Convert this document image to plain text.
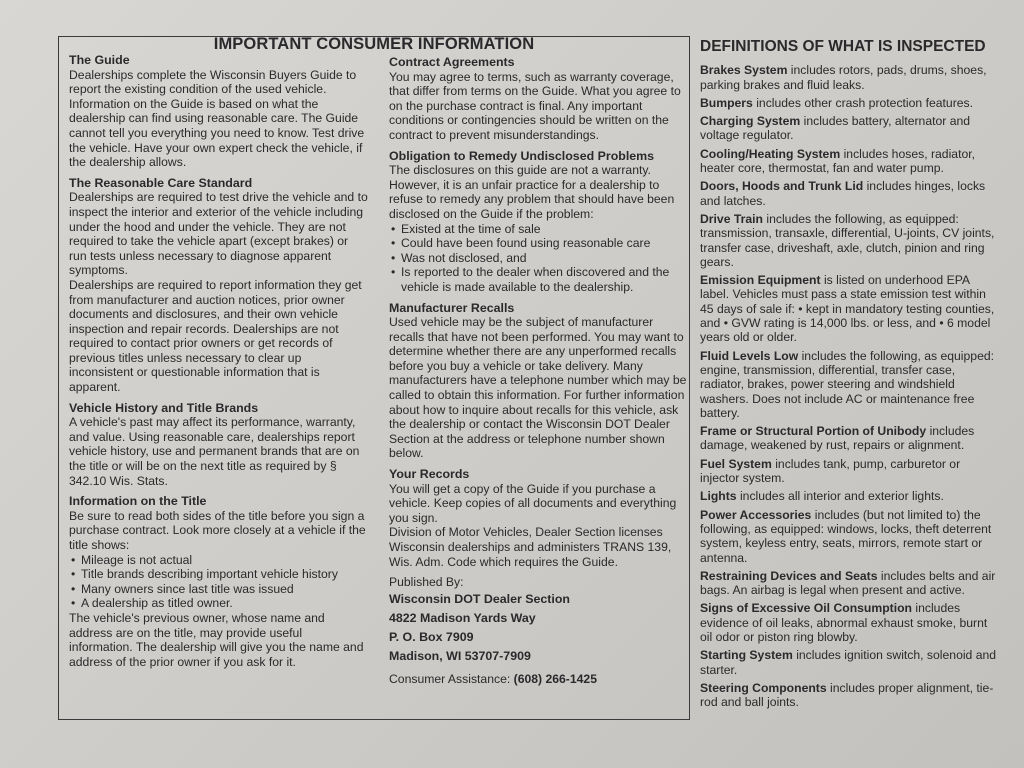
IMPORTANT CONSUMER INFORMATION

The Guide

Dealerships complete the Wisconsin Buyers Guide to report the existing condition of the used vehicle. Information on the Guide is based on what the dealership can find using reasonable care. The Guide cannot tell you everything you need to know. Test drive the vehicle. Have your own expert check the vehicle, if the dealership allows.

The Reasonable Care Standard

Dealerships are required to test drive the vehicle and to inspect the interior and exterior of the vehicle including under the hood and under the vehicle. They are not required to take the vehicle apart (except brakes) or run tests unless necessary to diagnose apparent symptoms.

Dealerships are required to report information they get from manufacturer and auction notices, prior owner documents and disclosures, and their own vehicle inspection and repair records. Dealerships are not required to contact prior owners or get records of previous titles unless necessary to clear up inconsistent or questionable information that is apparent.

Vehicle History and Title Brands

A vehicle's past may affect its performance, warranty, and value. Using reasonable care, dealerships report vehicle history, use and permanent brands that are on the title or will be on the next title as required by § 342.10 Wis. Stats.

Information on the Title

Be sure to read both sides of the title before you sign a purchase contract. Look more closely at a vehicle if the title shows:

• Mileage is not actual
• Title brands describing important vehicle history
• Many owners since last title was issued
• A dealership as titled owner.

The vehicle's previous owner, whose name and address are on the title, may provide useful information. The dealership will give you the name and address of the prior owner if you ask for it.

Contract Agreements

You may agree to terms, such as warranty coverage, that differ from terms on the Guide. What you agree to on the purchase contract is final. Any important conditions or contingencies should be written on the contract to prevent misunderstandings.

Obligation to Remedy Undisclosed Problems

The disclosures on this guide are not a warranty. However, it is an unfair practice for a dealership to refuse to remedy any problem that should have been disclosed on the Guide if the problem:

• Existed at the time of sale
• Could have been found using reasonable care
• Was not disclosed, and
• Is reported to the dealer when discovered and the vehicle is made available to the dealership.

Manufacturer Recalls

Used vehicle may be the subject of manufacturer recalls that have not been performed. You may want to determine whether there are any unperformed recalls before you buy a vehicle or take delivery. Many manufacturers have a telephone number which may be called to obtain this information. For further information about how to inquire about recalls for this vehicle, ask the dealership or contact the Wisconsin DOT Dealer Section at the address or telephone number shown below.

Your Records

You will get a copy of the Guide if you purchase a vehicle. Keep copies of all documents and everything you sign.

Division of Motor Vehicles, Dealer Section licenses Wisconsin dealerships and administers TRANS 139, Wis. Adm. Code which requires the Guide.

Published By:

Wisconsin DOT Dealer Section
4822 Madison Yards Way
P. O. Box 7909
Madison, WI 53707-7909

Consumer Assistance: (608) 266-1425

DEFINITIONS OF WHAT IS INSPECTED
Brakes System includes rotors, pads, drums, shoes, parking brakes and fluid leaks.
Bumpers includes other crash protection features.
Charging System includes battery, alternator and voltage regulator.
Cooling/Heating System includes hoses, radiator, heater core, thermostat, fan and water pump.
Doors, Hoods and Trunk Lid includes hinges, locks and latches.
Drive Train includes the following, as equipped: transmission, transaxle, differential, U-joints, CV joints, transfer case, driveshaft, axle, clutch, pinion and ring gears.
Emission Equipment is listed on underhood EPA label. Vehicles must pass a state emission test within 45 days of sale if: • kept in mandatory testing counties, and • GVW rating is 14,000 lbs. or less, and • 6 model years old or older.
Fluid Levels Low includes the following, as equipped: engine, transmission, differential, transfer case, radiator, brakes, power steering and windshield washers. Does not include AC or maintenance free battery.
Frame or Structural Portion of Unibody includes damage, weakened by rust, repairs or alignment.
Fuel System includes tank, pump, carburetor or injector system.
Lights includes all interior and exterior lights.
Power Accessories includes (but not limited to) the following, as equipped: windows, locks, theft deterrent system, keyless entry, seats, mirrors, remote start or antenna.
Restraining Devices and Seats includes belts and air bags. An airbag is legal when present and active.
Signs of Excessive Oil Consumption includes evidence of oil leaks, abnormal exhaust smoke, burnt oil odor or piston ring blowby.
Starting System includes ignition switch, solenoid and starter.
Steering Components includes proper alignment, tie-rod and ball joints.
